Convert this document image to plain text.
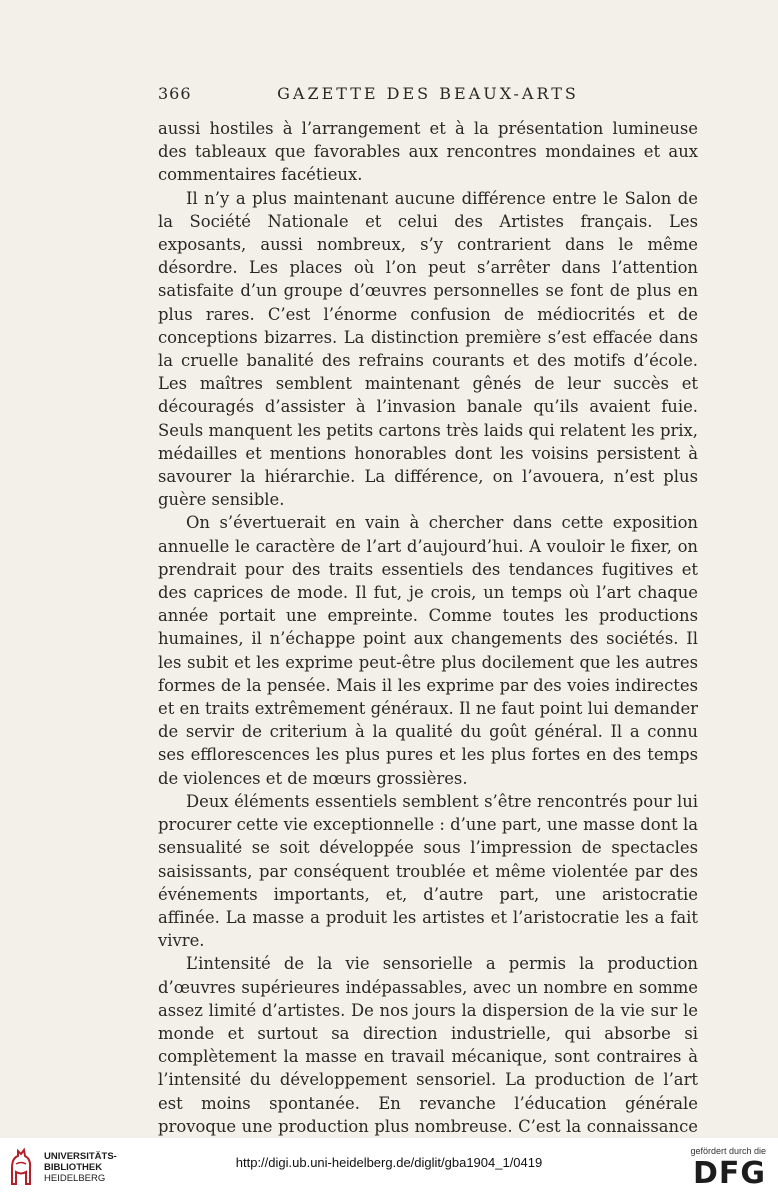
366	GAZETTE DES BEAUX-ARTS

aussi hostiles à l’arrangement et à la présentation lumineuse des tableaux que favorables aux rencontres mondaines et aux commentaires facétieux.

Il n’y a plus maintenant aucune différence entre le Salon de la Société Nationale et celui des Artistes français. Les exposants, aussi nombreux, s’y contrarient dans le même désordre. Les places où l’on peut s’arrêter dans l’attention satisfaite d’un groupe d’œuvres personnelles se font de plus en plus rares. C’est l’énorme confusion de médiocrités et de conceptions bizarres. La distinction première s’est effacée dans la cruelle banalité des refrains courants et des motifs d’école. Les maîtres semblent maintenant gênés de leur succès et découragés d’assister à l’invasion banale qu’ils avaient fuie. Seuls manquent les petits cartons très laids qui relatent les prix, médailles et mentions honorables dont les voisins persistent à savourer la hiérarchie. La différence, on l’avouera, n’est plus guère sensible.

On s’évertuerait en vain à chercher dans cette exposition annuelle le caractère de l’art d’aujourd’hui. A vouloir le fixer, on prendrait pour des traits essentiels des tendances fugitives et des caprices de mode. Il fut, je crois, un temps où l’art chaque année portait une empreinte. Comme toutes les productions humaines, il n’échappe point aux changements des sociétés. Il les subit et les exprime peut-être plus docilement que les autres formes de la pensée. Mais il les exprime par des voies indirectes et en traits extrêmement généraux. Il ne faut point lui demander de servir de criterium à la qualité du goût général. Il a connu ses efflorescences les plus pures et les plus fortes en des temps de violences et de mœurs grossières.

Deux éléments essentiels semblent s’être rencontrés pour lui procurer cette vie exceptionnelle : d’une part, une masse dont la sensualité se soit développée sous l’impression de spectacles saisissants, par conséquent troublée et même violentée par des événements importants, et, d’autre part, une aristocratie affinée. La masse a produit les artistes et l’aristocratie les a fait vivre.

L’intensité de la vie sensorielle a permis la production d’œuvres supérieures indépassables, avec un nombre en somme assez limité d’artistes. De nos jours la dispersion de la vie sur le monde et surtout sa direction industrielle, qui absorbe si complètement la masse en travail mécanique, sont contraires à l’intensité du développement sensoriel. La production de l’art est moins spontanée. En revanche l’éducation générale provoque une production plus nombreuse. C’est la connaissance

UNIVERSITÄTS-
BIBLIOTHEK
HEIDELBERG
http://digi.ub.uni-heidelberg.de/diglit/gba1904_1/0419
gefördert durch die
DFG
